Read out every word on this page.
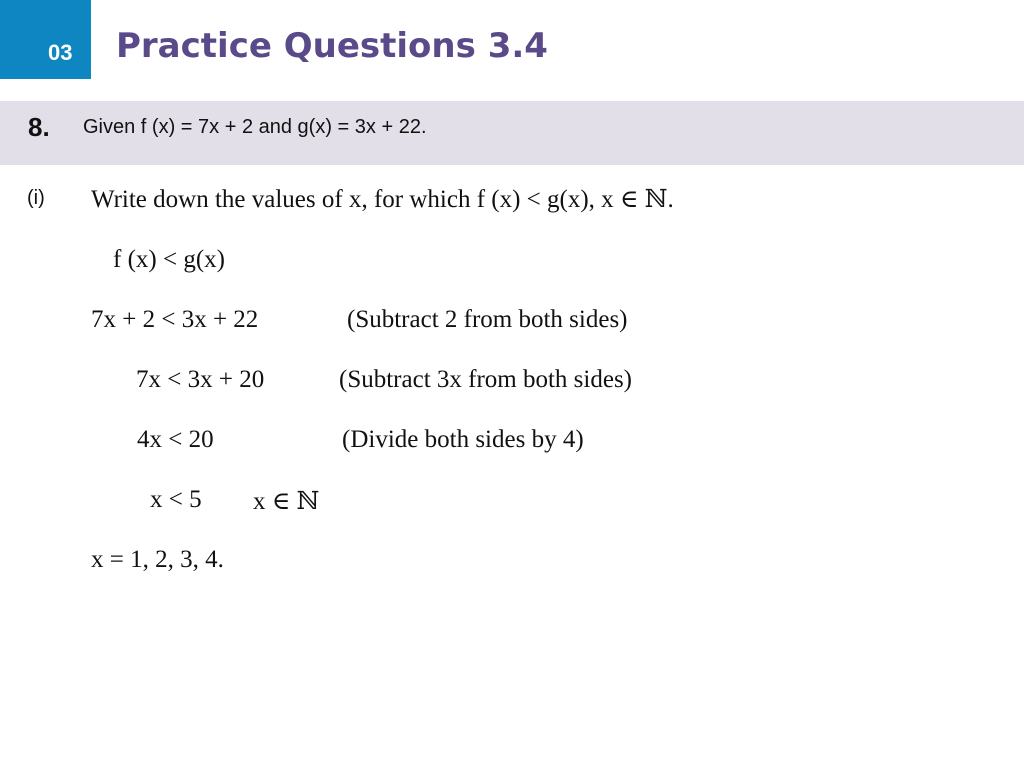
03 Practice Questions 3.4
8. Given f (x) = 7x + 2 and g(x) = 3x + 22.
(i) Write down the values of x, for which f (x) < g(x), x ∈ ℕ.
f (x) < g(x)
7x + 2 < 3x + 22	(Subtract 2 from both sides)
7x < 3x + 20	(Subtract 3x from both sides)
4x < 20	(Divide both sides by 4)
x < 5 x ∈ ℕ
x = 1, 2, 3, 4.
